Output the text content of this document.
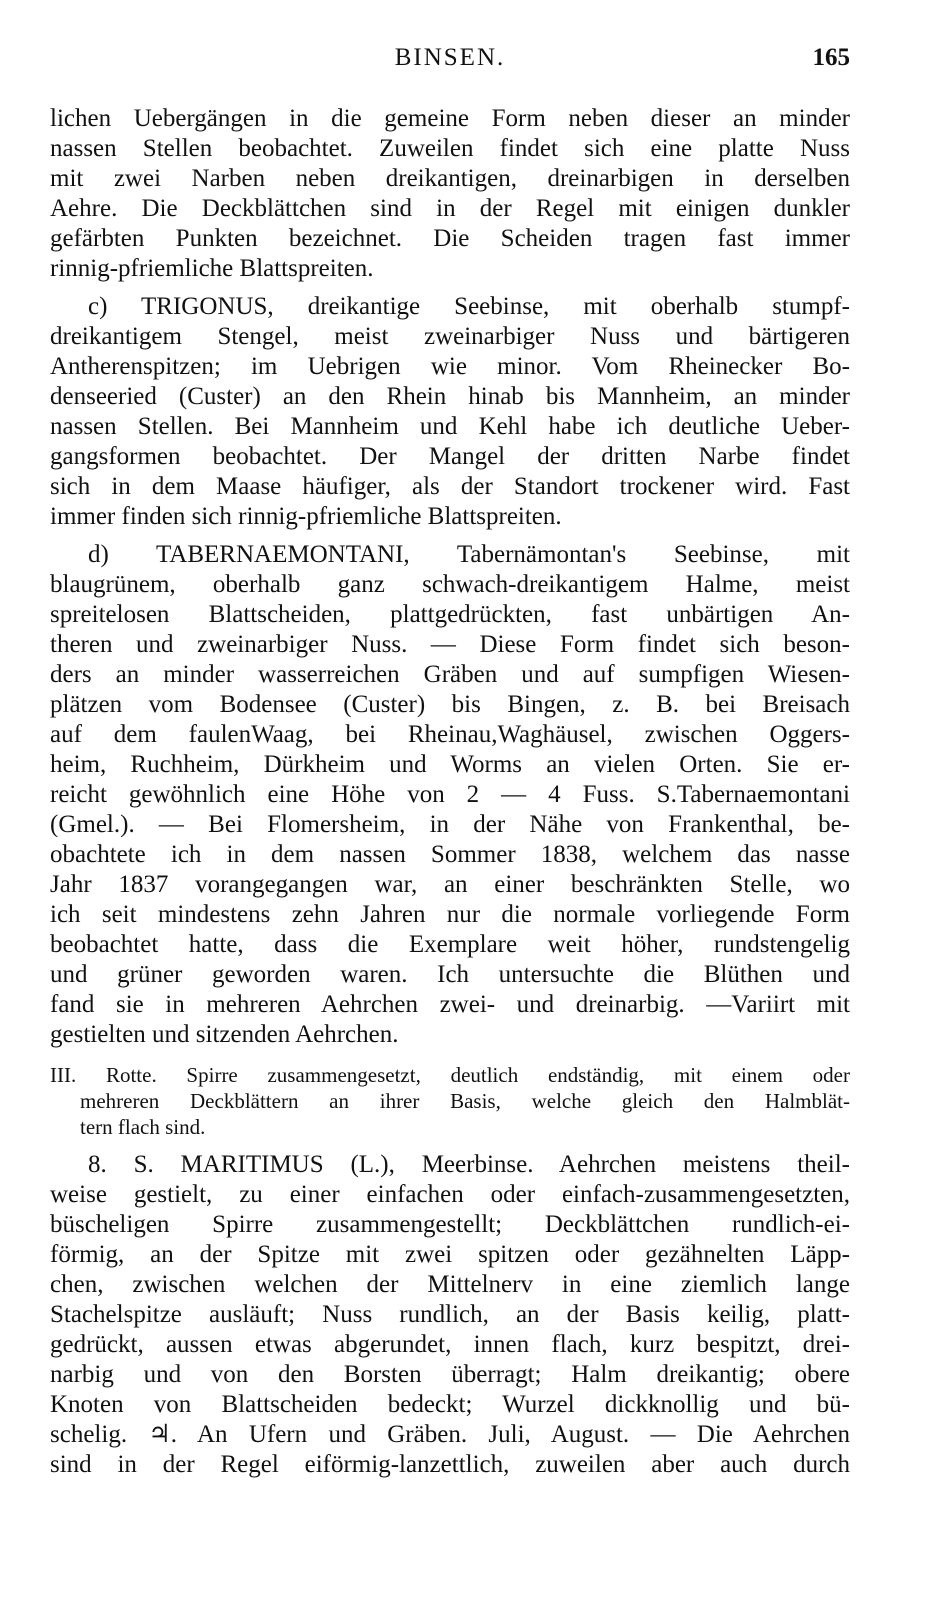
BINSEN.	165
lichen Uebergängen in die gemeine Form neben dieser an minder
nassen Stellen beobachtet. Zuweilen findet sich eine platte Nuss
mit zwei Narben neben dreikantigen, dreinarbigen in derselben
Aehre. Die Deckblättchen sind in der Regel mit einigen dunkler
gefärbten Punkten bezeichnet. Die Scheiden tragen fast immer
rinnig-pfriemliche Blattspreiten.
c) TRIGONUS, dreikantige Seebinse, mit oberhalb stumpf-
dreikantigem Stengel, meist zweinarbiger Nuss und bärtigeren
Antherenspitzen; im Uebrigen wie minor. Vom Rheinecker Bo-
denseeried (Custer) an den Rhein hinab bis Mannheim, an minder
nassen Stellen. Bei Mannheim und Kehl habe ich deutliche Ueber-
gangsformen beobachtet. Der Mangel der dritten Narbe findet
sich in dem Maase häufiger, als der Standort trockener wird. Fast
immer finden sich rinnig-pfriemliche Blattspreiten.
d) TABERNAEMONTANI, Tabernämontan's Seebinse, mit
blaugrünem, oberhalb ganz schwach-dreikantigem Halme, meist
spreitelosen Blattscheiden, plattgedrückten, fast unbärtigen An-
theren und zweinarbiger Nuss. — Diese Form findet sich beson-
ders an minder wasserreichen Gräben und auf sumpfigen Wiesen-
plätzen vom Bodensee (Custer) bis Bingen, z. B. bei Breisach
auf dem faulenWaag, bei Rheinau,Waghäusel, zwischen Oggers-
heim, Ruchheim, Dürkheim und Worms an vielen Orten. Sie er-
reicht gewöhnlich eine Höhe von 2 — 4 Fuss. S.Tabernaemontani
(Gmel.). — Bei Flomersheim, in der Nähe von Frankenthal, be-
obachtete ich in dem nassen Sommer 1838, welchem das nasse
Jahr 1837 vorangegangen war, an einer beschränkten Stelle, wo
ich seit mindestens zehn Jahren nur die normale vorliegende Form
beobachtet hatte, dass die Exemplare weit höher, rundstengelig
und grüner geworden waren. Ich untersuchte die Blüthen und
fand sie in mehreren Aehrchen zwei- und dreinarbig. —Variirt mit
gestielten und sitzenden Aehrchen.
III. Rotte. Spirre zusammengesetzt, deutlich endständig, mit einem oder
mehreren Deckblättern an ihrer Basis, welche gleich den Halmblät-
tern flach sind.
8. S. MARITIMUS (L.), Meerbinse. Aehrchen meistens theil-
weise gestielt, zu einer einfachen oder einfach-zusammengesetzten,
büscheligen Spirre zusammengestellt; Deckblättchen rundlich-ei-
förmig, an der Spitze mit zwei spitzen oder gezähnelten Läpp-
chen, zwischen welchen der Mittelnerv in eine ziemlich lange
Stachelspitze ausläuft; Nuss rundlich, an der Basis keilig, platt-
gedrückt, aussen etwas abgerundet, innen flach, kurz bespitzt, drei-
narbig und von den Borsten überragt; Halm dreikantig; obere
Knoten von Blattscheiden bedeckt; Wurzel dickknollig und bü-
schelig. ♃. An Ufern und Gräben. Juli, August. — Die Aehrchen
sind in der Regel eiförmig-lanzettlich, zuweilen aber auch durch
